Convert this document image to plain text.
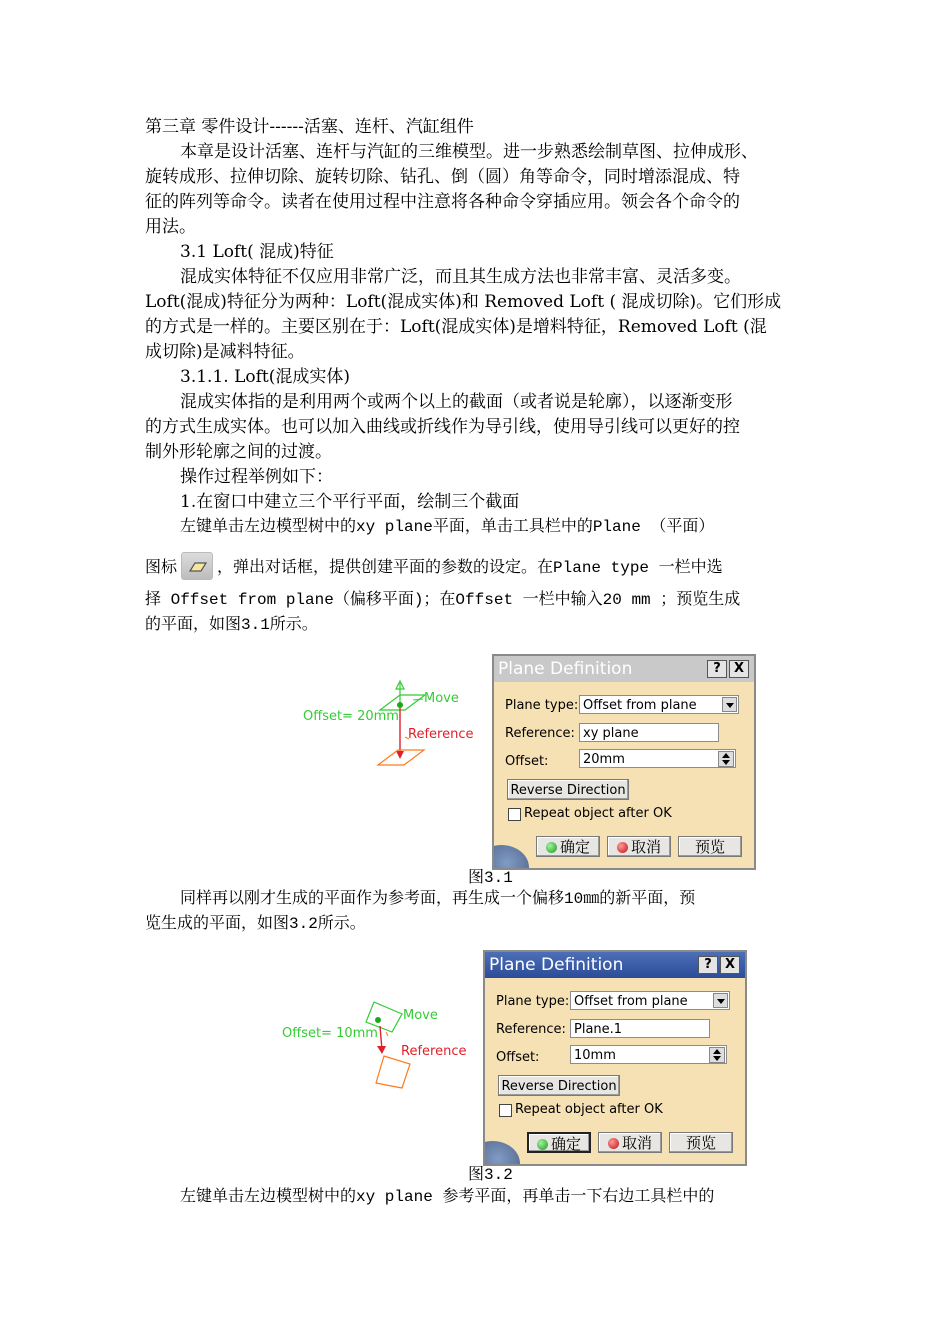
第三章 零件设计------活塞、连杆、汽缸组件
本章是设计活塞、连杆与汽缸的三维模型。进一步熟悉绘制草图、拉伸成形、
旋转成形、拉伸切除、旋转切除、钻孔、倒（圆）角等命令，同时增添混成、特
征的阵列等命令。读者在使用过程中注意将各种命令穿插应用。领会各个命令的
用法。
3.1 Loft( 混成)特征
混成实体特征不仅应用非常广泛，而且其生成方法也非常丰富、灵活多变。
Loft(混成)特征分为两种：Loft(混成实体)和 Removed Loft ( 混成切除)。它们形成
的方式是一样的。主要区别在于：Loft(混成实体)是增料特征，Removed Loft (混
成切除)是减料特征。
3.1.1. Loft(混成实体)
混成实体指的是利用两个或两个以上的截面（或者说是轮廓），以逐渐变形
的方式生成实体。也可以加入曲线或折线作为导引线，使用导引线可以更好的控
制外形轮廓之间的过渡。
操作过程举例如下：
1.在窗口中建立三个平行平面，绘制三个截面
左键单击左边模型树中的xy plane平面，单击工具栏中的Plane （平面）
图标	，弹出对话框，提供创建平面的参数的设定。在Plane type 一栏中选
择 Offset from plane（偏移平面)；在Offset 一栏中输入20 mm ；预览生成
的平面，如图3.1所示。
Offset= 20mm
Move
Reference
Plane Definition	?	X
Plane type: Offset from plane
Reference: xy plane
Offset:	20mm
Reverse Direction
Repeat object after OK
确定	取消	预览
图3.1
同样再以刚才生成的平面作为参考面，再生成一个偏移10㎜的新平面，预
览生成的平面，如图3.2所示。
Offset= 10mm
Move
Reference
Plane Definition	?	X
Plane type: Offset from plane
Reference: Plane.1
Offset:	10mm
Reverse Direction
Repeat object after OK
确定	取消	预览
图3.2
左键单击左边模型树中的xy plane 参考平面，再单击一下右边工具栏中的
